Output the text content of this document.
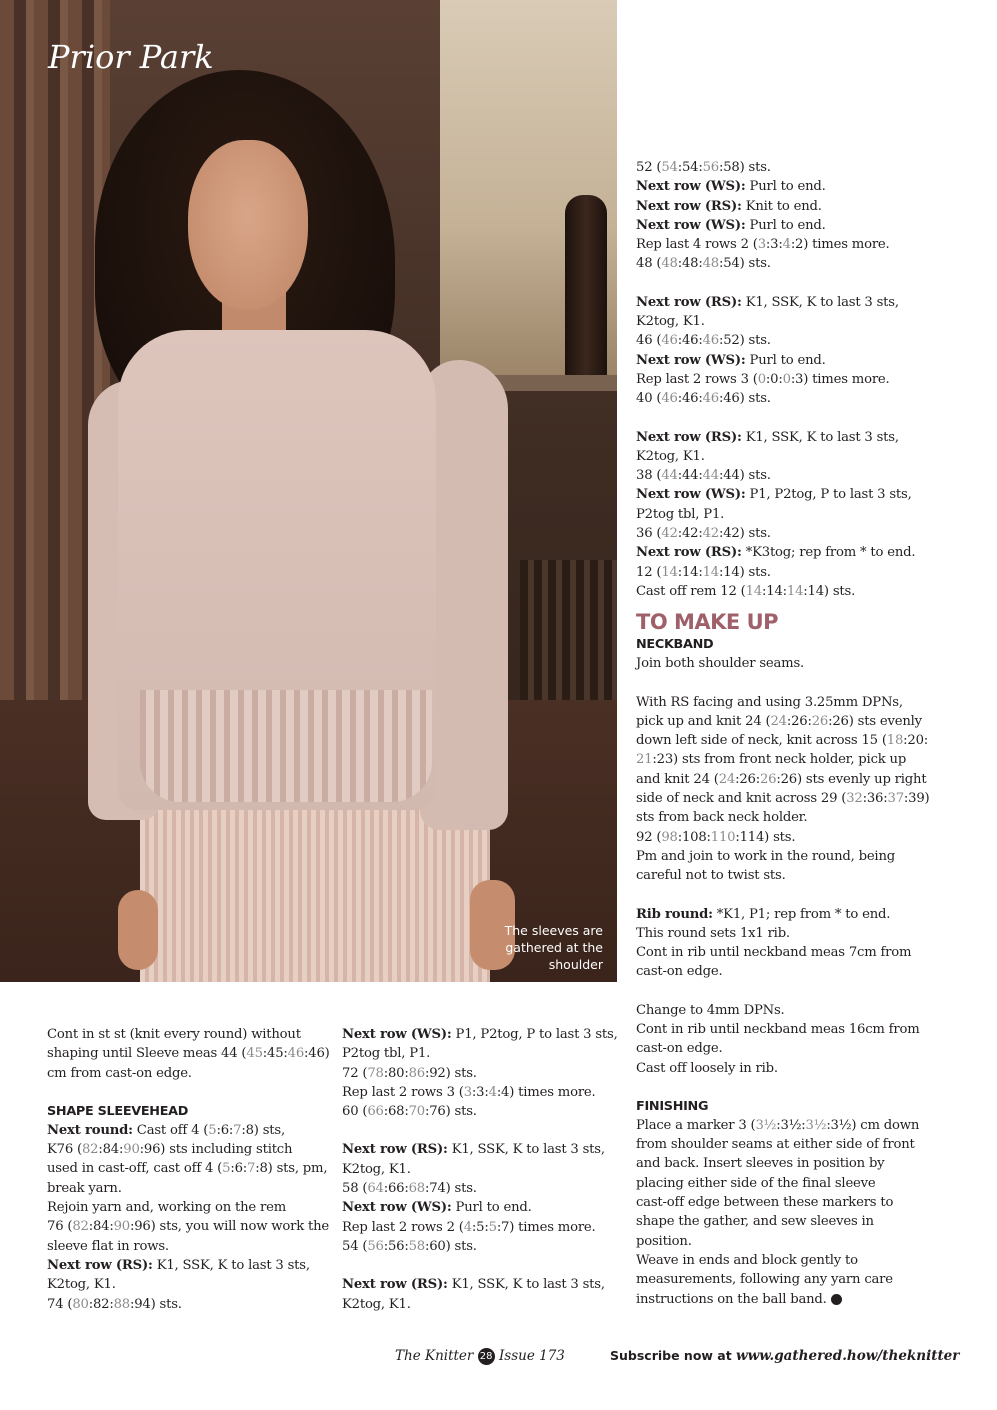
Prior Park
The sleeves are gathered at the shoulder

52 (54:54:56:58) sts.

Next row (WS): Purl to end.

Next row (RS): Knit to end.

Next row (WS): Purl to end.

Rep last 4 rows 2 (3:3:4:2) times more.

48 (48:48:48:54) sts.

Next row (RS): K1, SSK, K to last 3 sts,

K2tog, K1.

46 (46:46:46:52) sts.

Next row (WS): Purl to end.

Rep last 2 rows 3 (0:0:0:3) times more.

40 (46:46:46:46) sts.

Next row (RS): K1, SSK, K to last 3 sts,

K2tog, K1.

38 (44:44:44:44) sts.

Next row (WS): P1, P2tog, P to last 3 sts,

P2tog tbl, P1.

36 (42:42:42:42) sts.

Next row (RS): *K3tog; rep from * to end.

12 (14:14:14:14) sts.

Cast off rem 12 (14:14:14:14) sts.

TO MAKE UP
NECKBAND

Join both shoulder seams.

With RS facing and using 3.25mm DPNs,

pick up and knit 24 (24:26:26:26) sts evenly

down left side of neck, knit across 15 (18:20:

21:23) sts from front neck holder, pick up

and knit 24 (24:26:26:26) sts evenly up right

side of neck and knit across 29 (32:36:37:39)

sts from back neck holder.

92 (98:108:110:114) sts.

Pm and join to work in the round, being

careful not to twist sts.

Rib round: *K1, P1; rep from * to end.

This round sets 1x1 rib.

Cont in rib until neckband meas 7cm from

cast-on edge.

Change to 4mm DPNs.

Cont in rib until neckband meas 16cm from

cast-on edge.

Cast off loosely in rib.

FINISHING

Place a marker 3 (3½:3½:3½:3½) cm down

from shoulder seams at either side of front

and back. Insert sleeves in position by

placing either side of the final sleeve

cast-off edge between these markers to

shape the gather, and sew sleeves in

position.

Weave in ends and block gently to

measurements, following any yarn care

instructions on the ball band.

Cont in st st (knit every round) without

shaping until Sleeve meas 44 (45:45:46:46)

cm from cast-on edge.

SHAPE SLEEVEHEAD

Next round: Cast off 4 (5:6:7:8) sts,

K76 (82:84:90:96) sts including stitch

used in cast-off, cast off 4 (5:6:7:8) sts, pm,

break yarn.

Rejoin yarn and, working on the rem

76 (82:84:90:96) sts, you will now work the

sleeve flat in rows.

Next row (RS): K1, SSK, K to last 3 sts,

K2tog, K1.

74 (80:82:88:94) sts.

Next row (WS): P1, P2tog, P to last 3 sts,

P2tog tbl, P1.

72 (78:80:86:92) sts.

Rep last 2 rows 3 (3:3:4:4) times more.

60 (66:68:70:76) sts.

Next row (RS): K1, SSK, K to last 3 sts,

K2tog, K1.

58 (64:66:68:74) sts.

Next row (WS): Purl to end.

Rep last 2 rows 2 (4:5:5:7) times more.

54 (56:56:58:60) sts.

Next row (RS): K1, SSK, K to last 3 sts,

K2tog, K1.

The Knitter 28 Issue 173	Subscribe now at www.gathered.how/theknitter
